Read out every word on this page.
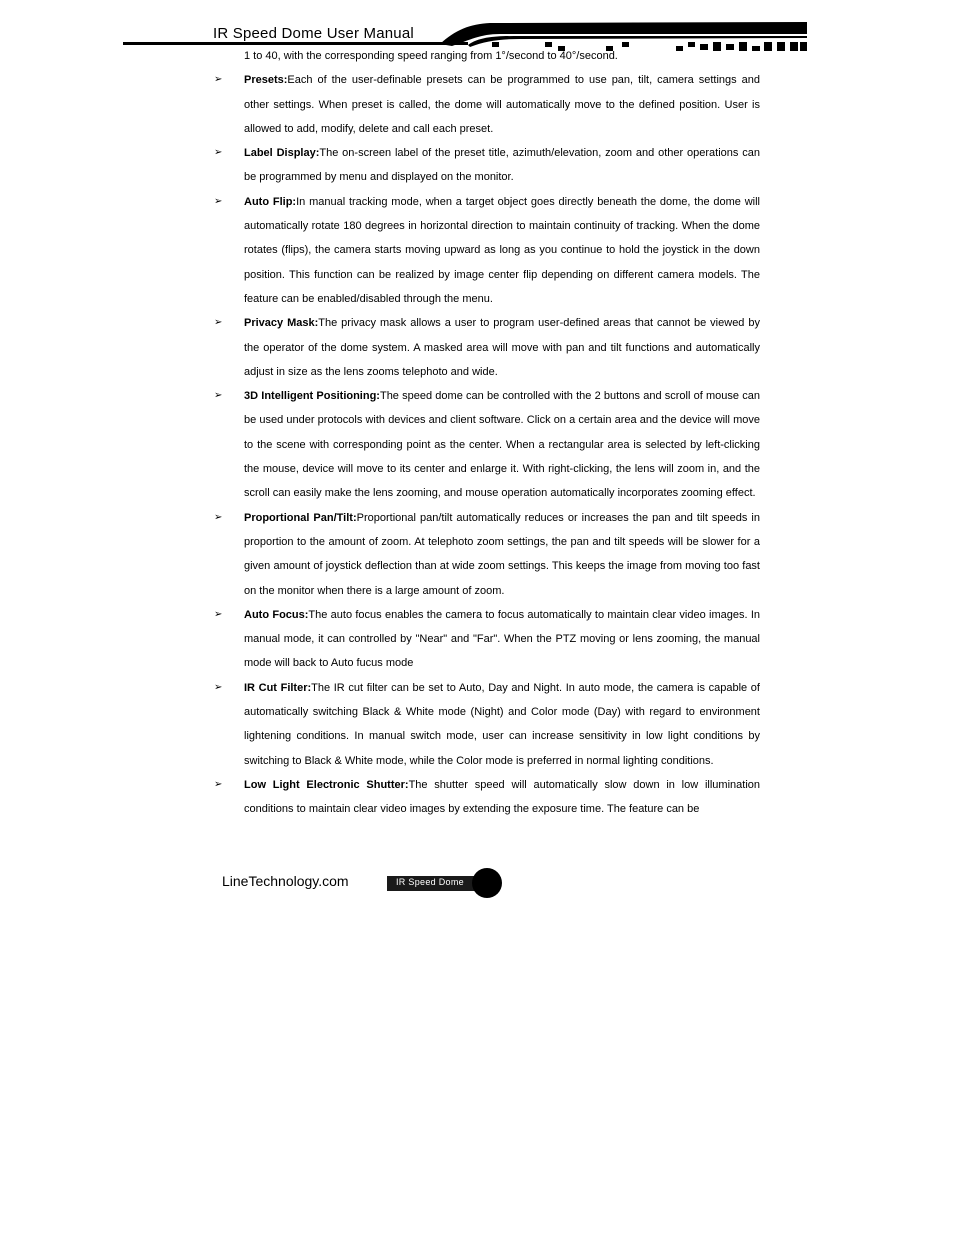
IR Speed Dome User Manual

1 to 40, with the corresponding speed ranging from 1°/second to 40°/second.

➢ Presets:Each of the user-definable presets can be programmed to use pan, tilt, camera settings and other settings. When preset is called, the dome will automatically move to the defined position. User is allowed to add, modify, delete and call each preset.

➢ Label Display:The on-screen label of the preset title, azimuth/elevation, zoom and other operations can be programmed by menu and displayed on the monitor.

➢ Auto Flip:In manual tracking mode, when a target object goes directly beneath the dome, the dome will automatically rotate 180 degrees in horizontal direction to maintain continuity of tracking. When the dome rotates (flips), the camera starts moving upward as long as you continue to hold the joystick in the down position. This function can be realized by image center flip depending on different camera models. The feature can be enabled/disabled through the menu.

➢ Privacy Mask:The privacy mask allows a user to program user-defined areas that cannot be viewed by the operator of the dome system. A masked area will move with pan and tilt functions and automatically adjust in size as the lens zooms telephoto and wide.

➢ 3D Intelligent Positioning:The speed dome can be controlled with the 2 buttons and scroll of mouse can be used under protocols with devices and client software. Click on a certain area and the device will move to the scene with corresponding point as the center. When a rectangular area is selected by left-clicking the mouse, device will move to its center and enlarge it. With right-clicking, the lens will zoom in, and the scroll can easily make the lens zooming, and mouse operation automatically incorporates zooming effect.

➢ Proportional Pan/Tilt:Proportional pan/tilt automatically reduces or increases the pan and tilt speeds in proportion to the amount of zoom. At telephoto zoom settings, the pan and tilt speeds will be slower for a given amount of joystick deflection than at wide zoom settings. This keeps the image from moving too fast on the monitor when there is a large amount of zoom.

➢ Auto Focus:The auto focus enables the camera to focus automatically to maintain clear video images. In manual mode, it can controlled by "Near" and "Far". When the PTZ moving or lens zooming, the manual mode will back to Auto fucus mode

➢ IR Cut Filter:The IR cut filter can be set to Auto, Day and Night. In auto mode, the camera is capable of automatically switching Black & White mode (Night) and Color mode (Day) with regard to environment lightening conditions. In manual switch mode, user can increase sensitivity in low light conditions by switching to Black & White mode, while the Color mode is preferred in normal lighting conditions.

➢ Low Light Electronic Shutter:The shutter speed will automatically slow down in low illumination conditions to maintain clear video images by extending the exposure time. The feature can be

LineTechnology.com	IR Speed Dome
